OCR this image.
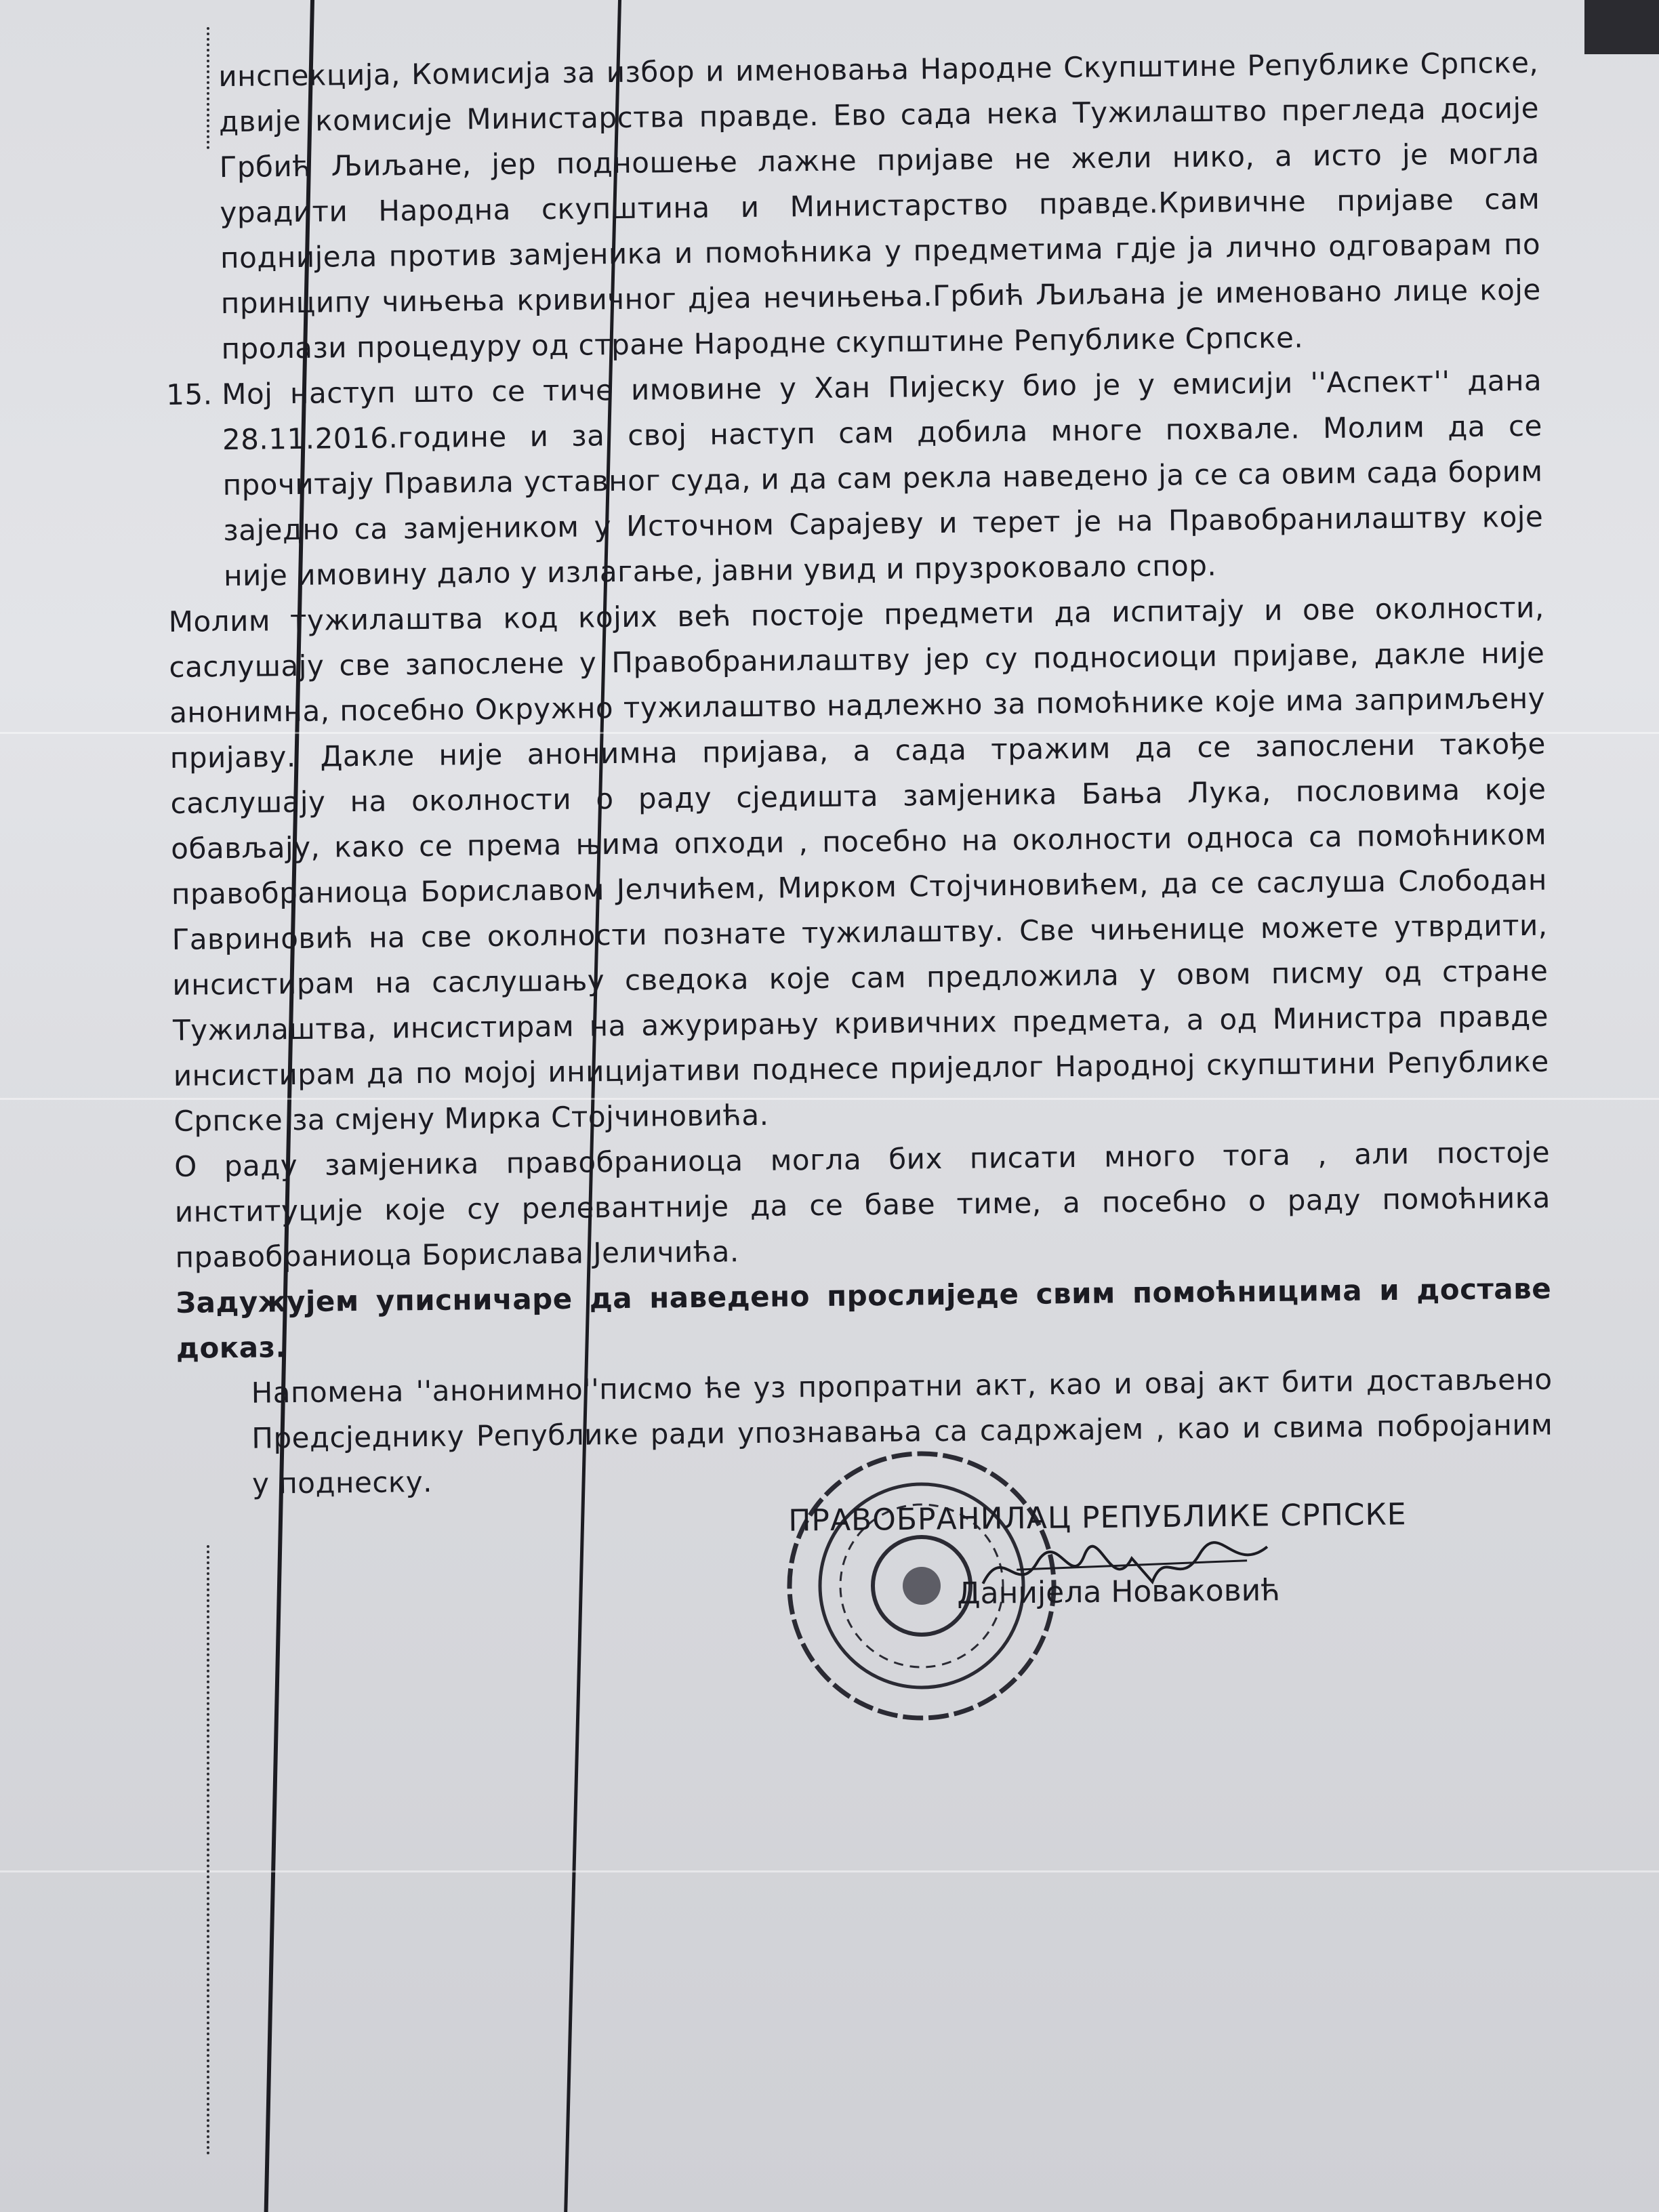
инспекција, Комисија за избор и именовања Народне Скупштине Републике Српске, двије комисије Министарства правде. Ево сада нека Тужилаштво прегледа досије Грбић Љиљане, јер подношење лажне пријаве не жели нико, а исто је могла урадити Народна скупштина и Министарство правде.Кривичне пријаве сам поднијела против замјеника и помоћника у предметима гдје ја лично одговарам по принципу чињења кривичног дјеа нечињења.Грбић Љиљана је именовано лице које пролази процедуру од стране Народне скупштине Републике Српске.

15. Мој наступ што се тиче имовине у Хан Пијеску био је у емисији ''Аспект'' дана 28.11.2016.године и за свој наступ сам добила многе похвале. Молим да се прочитају Правила уставног суда, и да сам рекла наведено ја се са овим сада борим заједно са замјеником у Источном Сарајеву и терет је на Правобранилаштву које није имовину дало у излагање, јавни увид и прузроковало спор.

Молим тужилаштва код којих већ постоје предмети да испитају и ове околности, саслушају све запослене у Правобранилаштву јер су подносиоци пријаве, дакле није анонимна, посебно Окружно тужилаштво надлежно за помоћнике које има запримљену пријаву. Дакле није анонимна пријава, а сада тражим да се запослени такође саслушају на околности о раду сједишта замјеника Бања Лука, пословима које обављају, како се према њима опходи , посебно на околности односа са помоћником правобраниоца Бориславом Јелчићем, Мирком Стојчиновићем, да се саслуша Слободан Гавриновић на све околности познате тужилаштву. Све чињенице можете утврдити, инсистирам на саслушању сведока које сам предложила у овом писму од стране Тужилаштва, инсистирам на ажурирању кривичних предмета, а од Министра правде инсистирам да по мојој иницијативи поднесе приједлог Народној скупштини Републике Српске за смјену Мирка Стојчиновића.

О раду замјеника правобраниоца могла бих писати много тога , али постоје институције које су релевантније да се баве тиме, а посебно о раду помоћника правобраниоца Борислава Јеличића.

Задужујем уписничаре да наведено прослиједе свим помоћницима и доставе доказ.

Напомена ''анонимно''писмо ће уз пропратни акт, као и овај акт бити достављено Предсједнику Републике ради упознавања са садржајем , као и свима побројаним у поднеску.

ПРАВОБРАНИЛАЦ РЕПУБЛИКЕ СРПСКЕ
Данијела Новаковић
